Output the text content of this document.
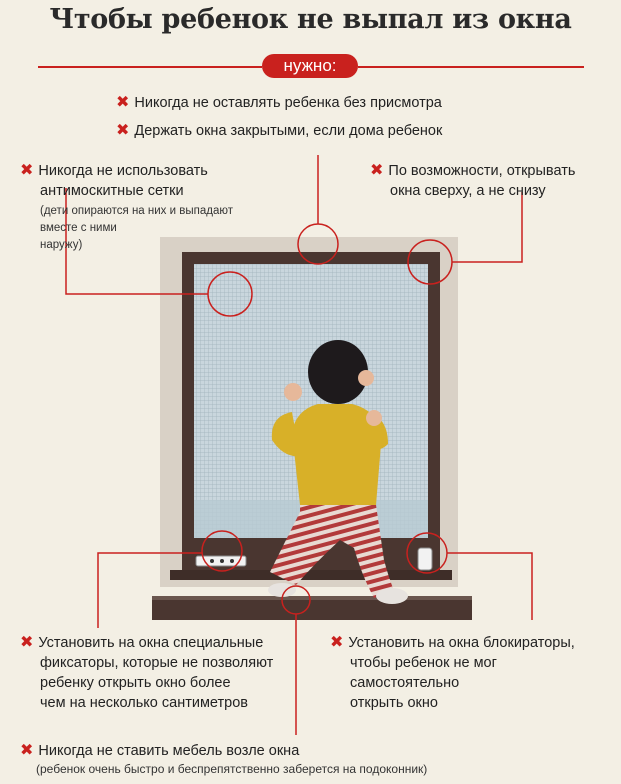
Чтобы ребенок не выпал из окна
нужно:
✖ Никогда не оставлять ребенка без присмотра
✖ Держать окна закрытыми, если дома ребенок
✖ Никогда не использовать
антимоскитные сетки
(дети опираются на них и выпадают
вместе с ними
наружу)
✖ По возможности, открывать
окна сверху, а не снизу
✖ Установить на окна специальные
фиксаторы, которые не позволяют
ребенку открыть окно более
чем на несколько сантиметров
✖ Установить на окна блокираторы,
чтобы ребенок не мог
самостоятельно
открыть окно
✖ Никогда не ставить мебель возле окна
(ребенок очень быстро и беспрепятственно заберется на подоконник)
